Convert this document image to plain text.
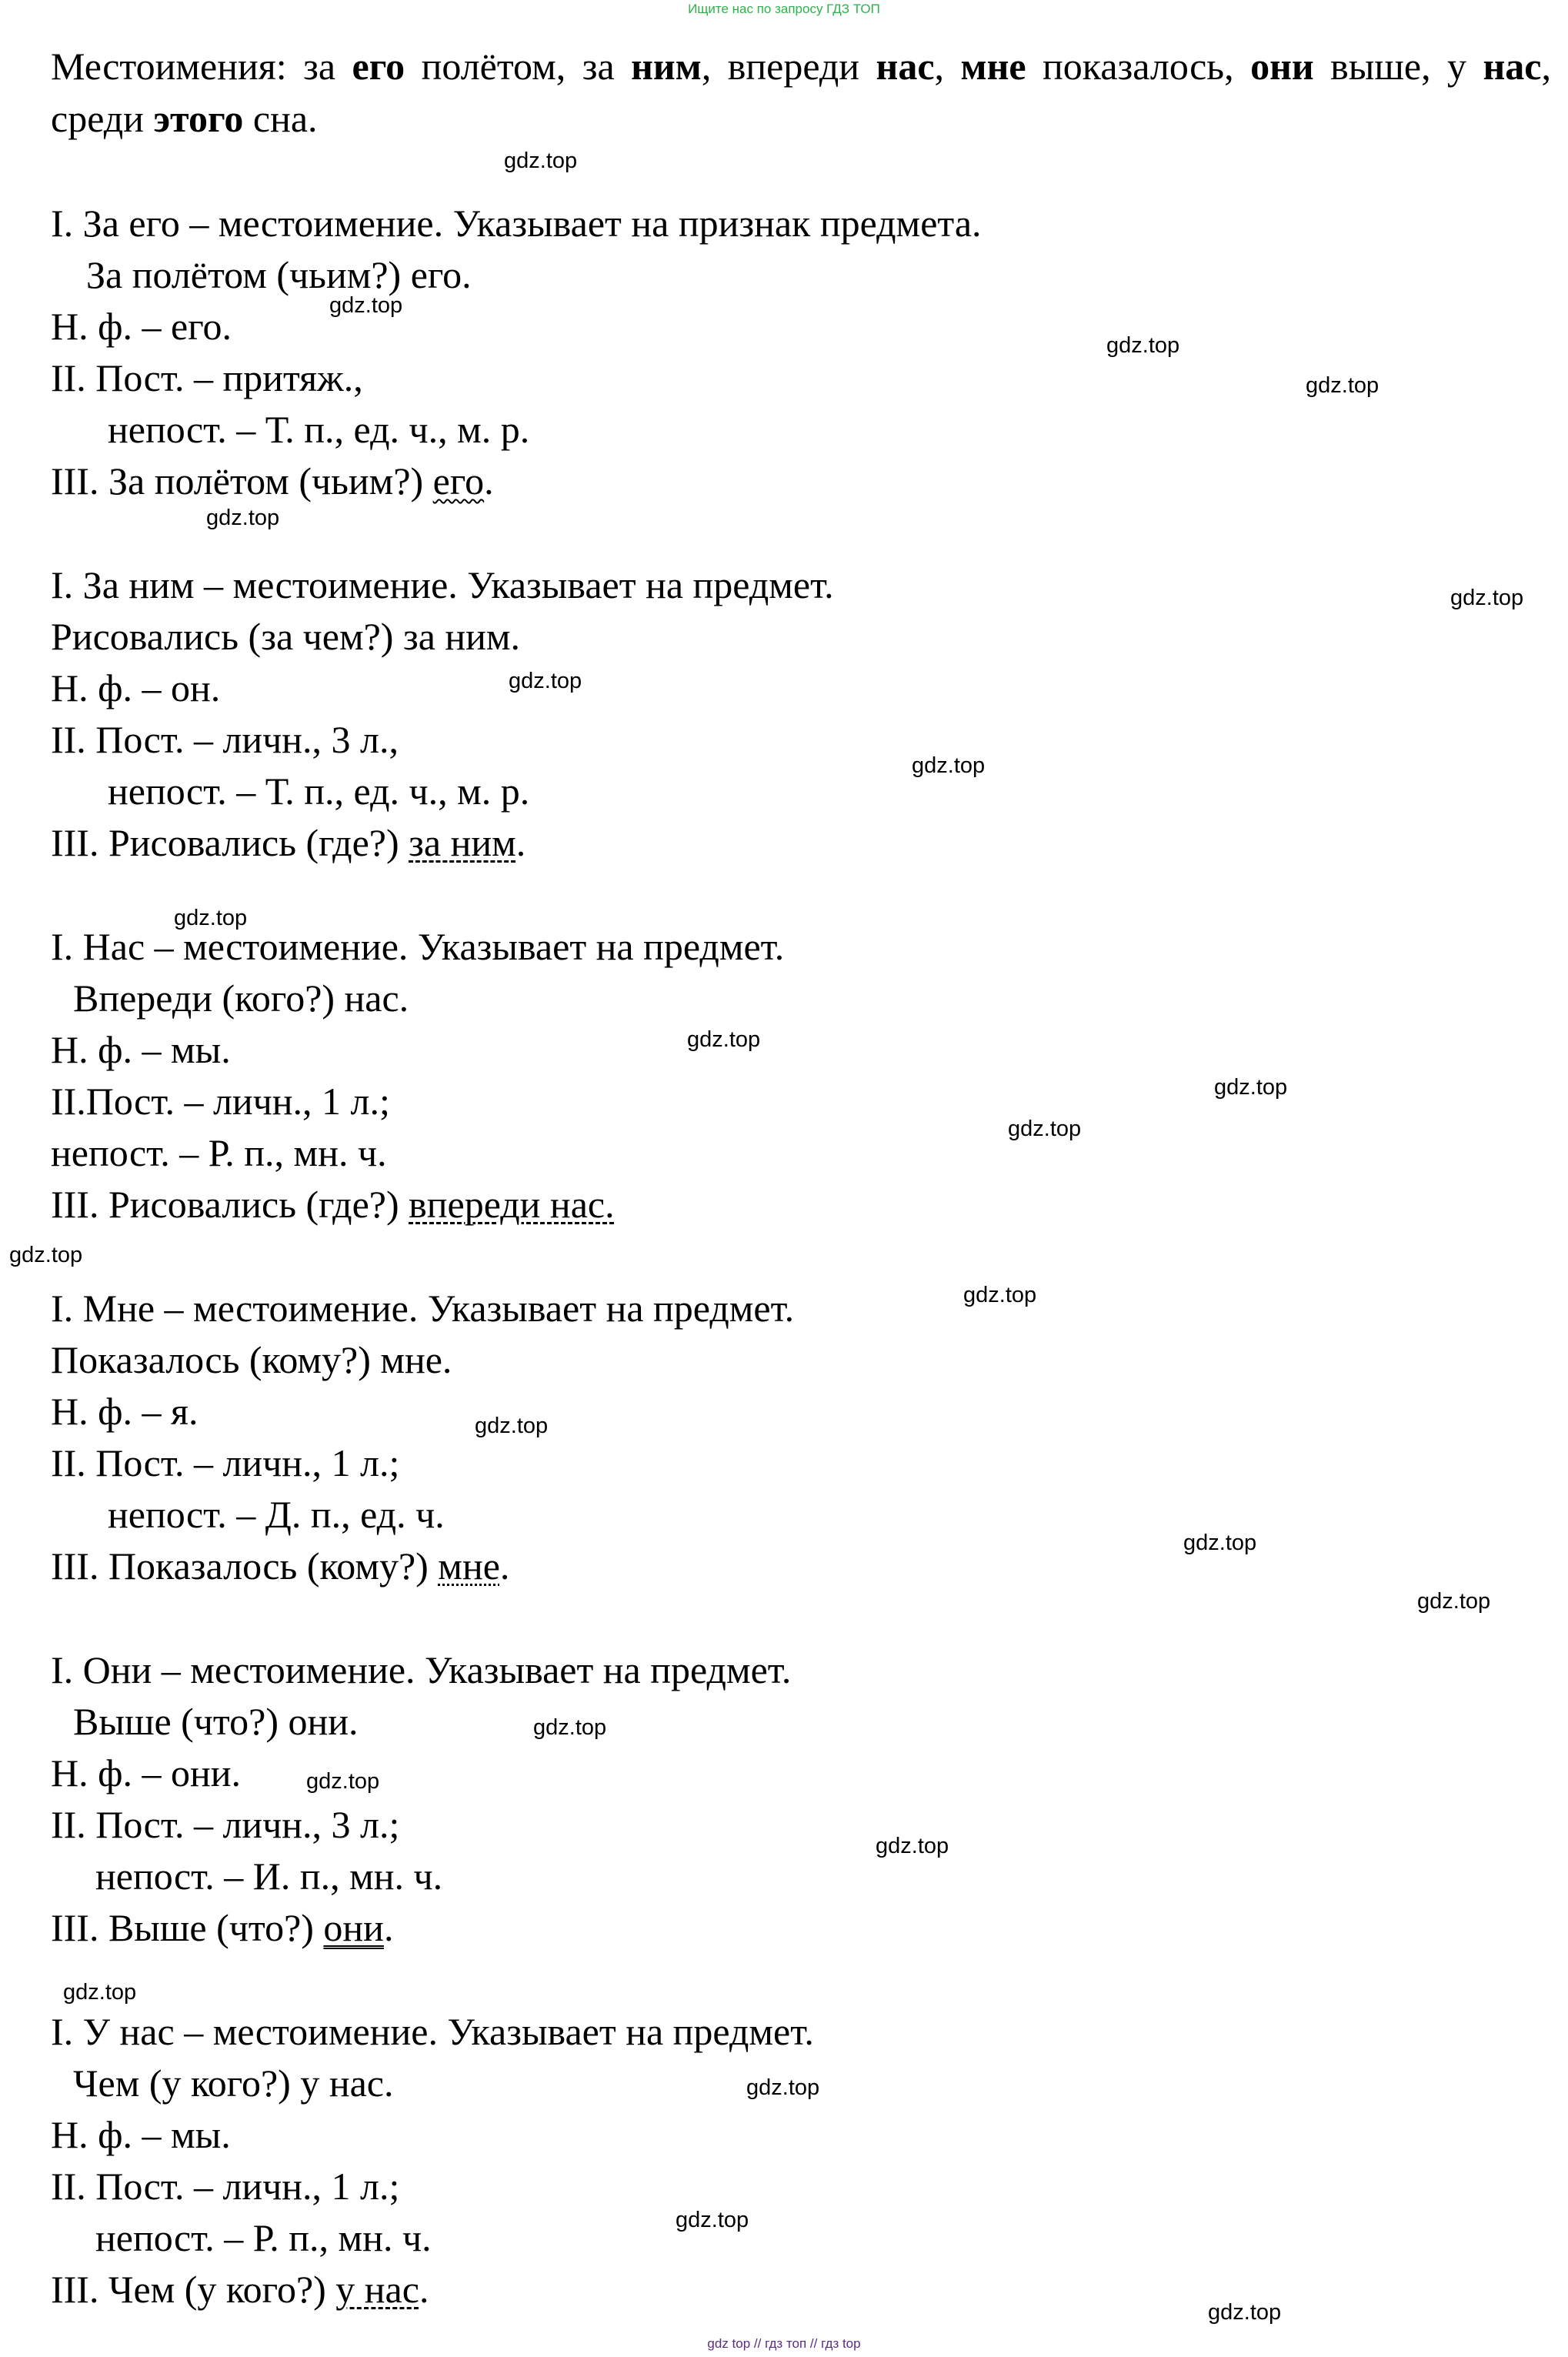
Ищите нас по запросу ГДЗ ТОП
Местоимения: за его полётом, за ним, впереди нас, мне показалось, они выше, у нас, среди этого сна.
I. За его – местоимение. Указывает на признак предмета.
За полётом (чьим?) его.
Н. ф. – его.
II. Пост. – притяж.,
непост. – Т. п., ед. ч., м. р.
III. За полётом (чьим?) его.
I. За ним – местоимение. Указывает на предмет.
Рисовались (за чем?) за ним.
Н. ф. – он.
II. Пост. – личн., 3 л.,
непост. – Т. п., ед. ч., м. р.
III. Рисовались (где?) за ним.
I. Нас – местоимение. Указывает на предмет.
Впереди (кого?) нас.
Н. ф. – мы.
II.Пост. – личн., 1 л.;
непост. – Р. п., мн. ч.
III. Рисовались (где?) впереди нас.
I. Мне – местоимение. Указывает на предмет.
Показалось (кому?) мне.
Н. ф. – я.
II. Пост. – личн., 1 л.;
непост. – Д. п., ед. ч.
III. Показалось (кому?) мне.
I. Они – местоимение. Указывает на предмет.
Выше (что?) они.
Н. ф. – они.
II. Пост. – личн., 3 л.;
непост. – И. п., мн. ч.
III. Выше (что?) они.
I. У нас – местоимение. Указывает на предмет.
Чем (у кого?) у нас.
Н. ф. – мы.
II. Пост. – личн., 1 л.;
непост. – Р. п., мн. ч.
III. Чем (у кого?) у нас.
gdz.top
gdz.top
gdz.top
gdz.top
gdz.top
gdz.top
gdz.top
gdz.top
gdz.top
gdz.top
gdz.top
gdz.top
gdz.top
gdz.top
gdz.top
gdz.top
gdz.top
gdz.top
gdz.top
gdz.top
gdz.top
gdz.top
gdz.top
gdz.top
gdz top // гдз топ // гдз top
